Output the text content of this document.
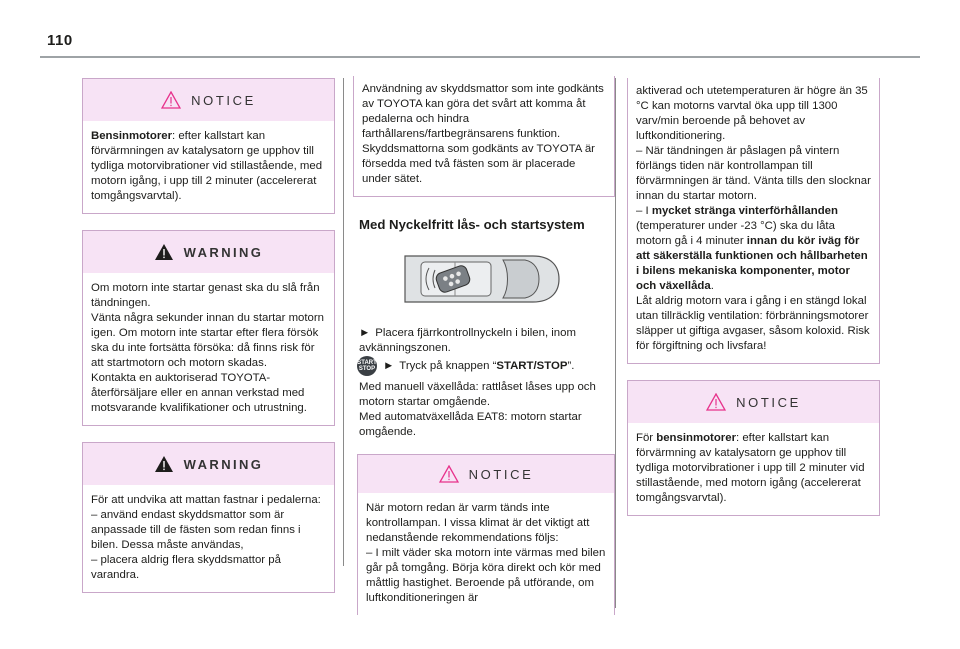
110
NOTICE

Bensinmotorer: efter kallstart kan förvärmningen av katalysatorn ge upphov till tydliga motorvibrationer vid stillastående, med motorn igång, i upp till 2 minuter (accelererat tomgångsvarvtal).

WARNING

Om motorn inte startar genast ska du slå från tändningen.

Vänta några sekunder innan du startar motorn igen. Om motorn inte startar efter flera försök ska du inte fortsätta försöka: då finns risk för att startmotorn och motorn skadas.

Kontakta en auktoriserad TOYOTA-återförsäljare eller en annan verkstad med motsvarande kvalifikationer och utrustning.

WARNING

För att undvika att mattan fastnar i pedalerna:

– använd endast skyddsmattor som är anpassade till de fästen som redan finns i bilen. Dessa måste användas,

– placera aldrig flera skyddsmattor på varandra.

Användning av skyddsmattor som inte godkänts av TOYOTA kan göra det svårt att komma åt pedalerna och hindra farthållarens/fartbegränsarens funktion.

Skyddsmattorna som godkänts av TOYOTA är försedda med två fästen som är placerade under sätet.

Med Nyckelfritt lås- och startsystem

► Placera fjärrkontrollnyckeln i bilen, inom avkänningszonen.

START
STOP ► Tryck på knappen “START/STOP”.

Med manuell växellåda: rattlåset låses upp och motorn startar omgående.

Med automatväxellåda EAT8: motorn startar omgående.

NOTICE

När motorn redan är varm tänds inte kontrollampan. I vissa klimat är det viktigt att nedanstående rekommendations följs:

– I milt väder ska motorn inte värmas med bilen går på tomgång. Börja köra direkt och kör med måttlig hastighet. Beroende på utförande, om luftkonditioneringen är

aktiverad och utetemperaturen är högre än 35 °C kan motorns varvtal öka upp till 1300 varv/min beroende på behovet av luftkonditionering.

– När tändningen är påslagen på vintern förlängs tiden när kontrollampan till förvärmningen är tänd. Vänta tills den slocknar innan du startar motorn.

– I mycket stränga vinterförhållanden (temperaturer under -23 °C) ska du låta motorn gå i 4 minuter innan du kör iväg för att säkerställa funktionen och hållbarheten i bilens mekaniska komponenter, motor och växellåda.

Låt aldrig motorn vara i gång i en stängd lokal utan tillräcklig ventilation: förbränningsmotorer släpper ut giftiga avgaser, såsom koloxid. Risk för förgiftning och livsfara!

NOTICE

För bensinmotorer: efter kallstart kan förvärmning av katalysatorn ge upphov till tydliga motorvibrationer i upp till 2 minuter vid stillastående, med motorn igång (accelererat tomgångsvarvtal).
